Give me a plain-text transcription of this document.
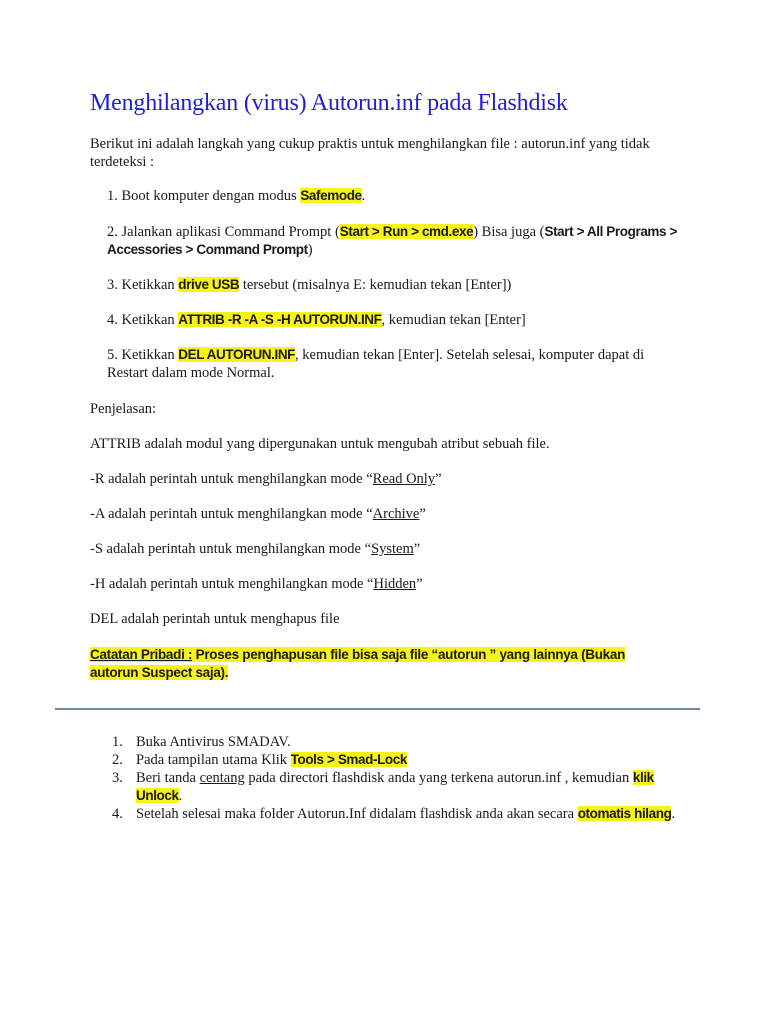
Menghilangkan (virus) Autorun.inf pada Flashdisk
Berikut ini adalah langkah yang cukup praktis untuk menghilangkan file : autorun.inf yang tidak terdeteksi :
1. Boot komputer dengan modus Safemode.
2. Jalankan aplikasi Command Prompt (Start > Run > cmd.exe) Bisa juga (Start > All Programs > Accessories > Command Prompt)
3. Ketikkan drive USB tersebut (misalnya E: kemudian tekan [Enter])
4. Ketikkan ATTRIB -R -A -S -H AUTORUN.INF, kemudian tekan [Enter]
5. Ketikkan DEL AUTORUN.INF, kemudian tekan [Enter]. Setelah selesai, komputer dapat di Restart dalam mode Normal.
Penjelasan:
ATTRIB adalah modul yang dipergunakan untuk mengubah atribut sebuah file.
-R adalah perintah untuk menghilangkan mode “Read Only”
-A adalah perintah untuk menghilangkan mode “Archive”
-S adalah perintah untuk menghilangkan mode “System”
-H adalah perintah untuk menghilangkan mode “Hidden”
DEL adalah perintah untuk menghapus file
Catatan Pribadi : Proses penghapusan file bisa saja file “autorun ” yang lainnya (Bukan autorun Suspect saja).
1. Buka Antivirus SMADAV.
2. Pada tampilan utama Klik Tools > Smad-Lock
3. Beri tanda centang pada directori flashdisk anda yang terkena autorun.inf , kemudian klik Unlock.
4. Setelah selesai maka folder Autorun.Inf didalam flashdisk anda akan secara otomatis hilang.
